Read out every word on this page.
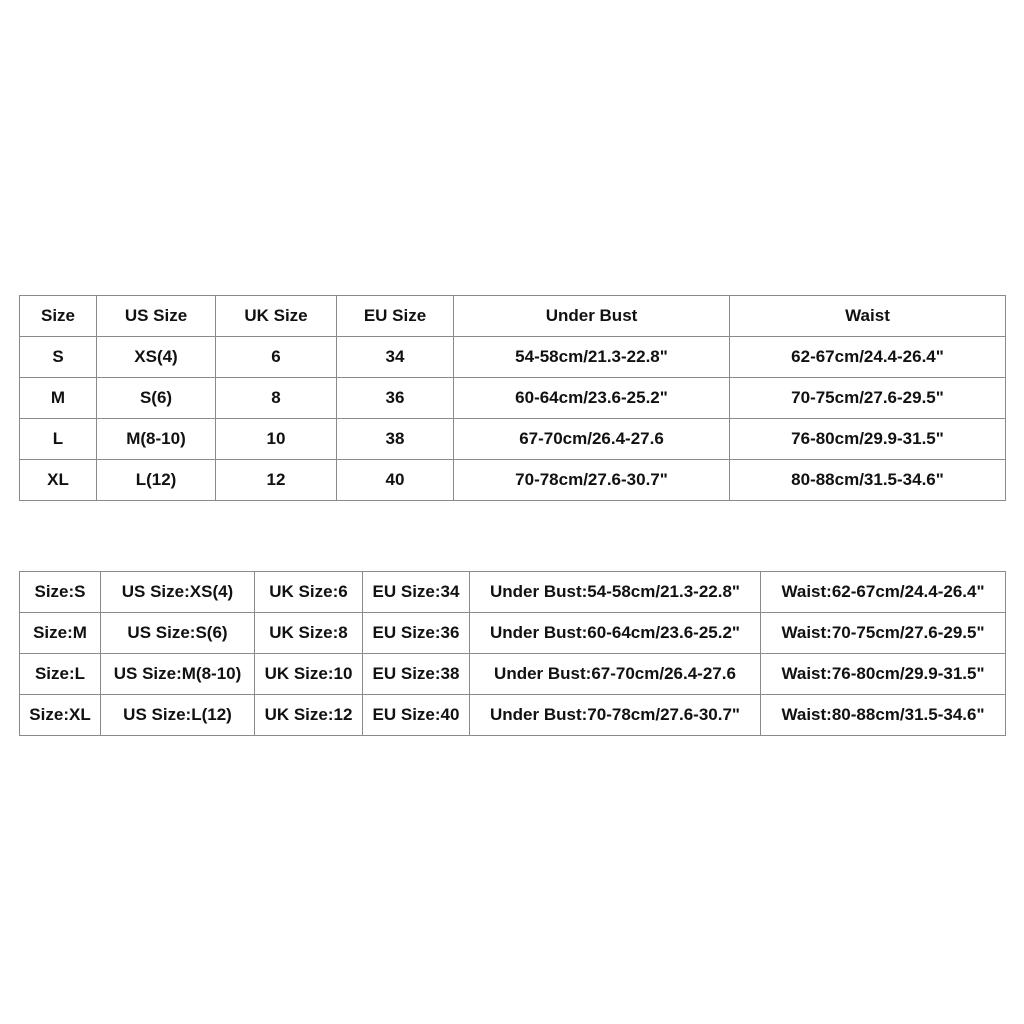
Size	US Size	UK Size	EU Size	Under Bust	Waist
S	XS(4)	6	34	54-58cm/21.3-22.8"	62-67cm/24.4-26.4"
M	S(6)	8	36	60-64cm/23.6-25.2"	70-75cm/27.6-29.5"
L	M(8-10)	10	38	67-70cm/26.4-27.6	76-80cm/29.9-31.5"
XL	L(12)	12	40	70-78cm/27.6-30.7"	80-88cm/31.5-34.6"
Size:S	US Size:XS(4)	UK Size:6	EU Size:34	Under Bust:54-58cm/21.3-22.8"	Waist:62-67cm/24.4-26.4"
Size:M	US Size:S(6)	UK Size:8	EU Size:36	Under Bust:60-64cm/23.6-25.2"	Waist:70-75cm/27.6-29.5"
Size:L	US Size:M(8-10)	UK Size:10	EU Size:38	Under Bust:67-70cm/26.4-27.6	Waist:76-80cm/29.9-31.5"
Size:XL	US Size:L(12)	UK Size:12	EU Size:40	Under Bust:70-78cm/27.6-30.7"	Waist:80-88cm/31.5-34.6"
